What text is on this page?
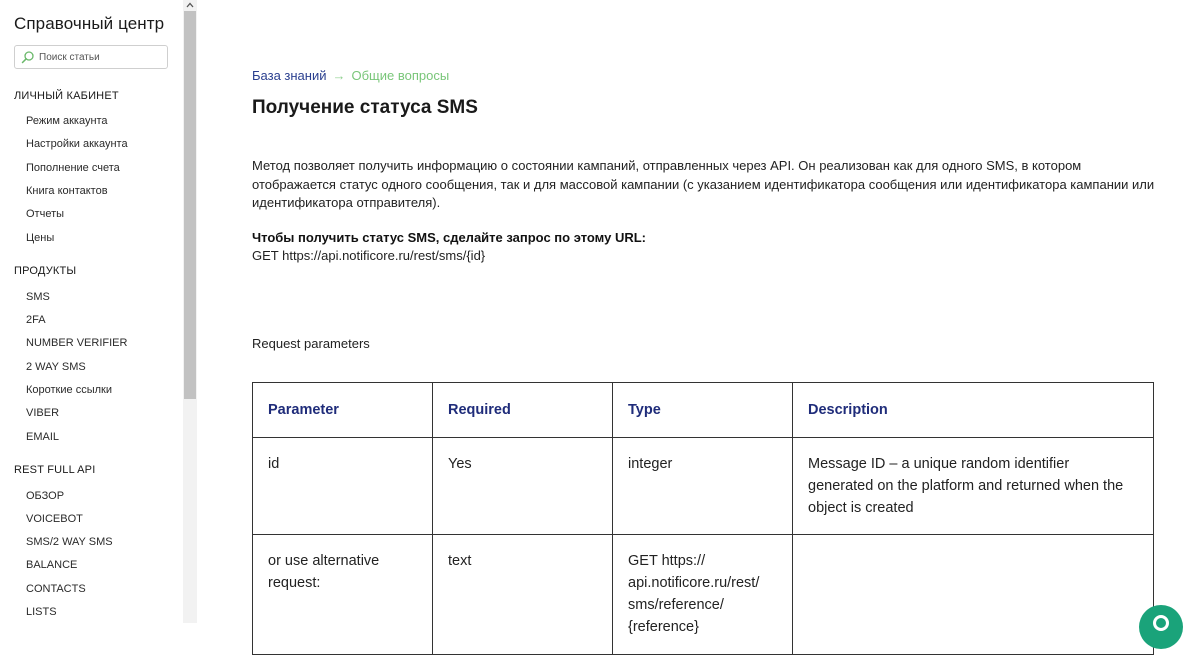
Справочный центр
Поиск статьи
ЛИЧНЫЙ КАБИНЕТ
Режим аккаунта
Настройки аккаунта
Пополнение счета
Книга контактов
Отчеты
Цены
ПРОДУКТЫ
SMS
2FA
NUMBER VERIFIER
2 WAY SMS
Короткие ссылки
VIBER
EMAIL
REST FULL API
ОБЗОР
VOICEBOT
SMS/2 WAY SMS
BALANCE
CONTACTS
LISTS
База знаний → Общие вопросы
Получение статуса SMS

Метод позволяет получить информацию о состоянии кампаний, отправленных через API. Он реализован как для одного SMS, в котором отображается статус одного сообщения, так и для массовой кампании (с указанием идентификатора сообщения или идентификатора кампании или идентификатора отправителя).

Чтобы получить статус SMS, сделайте запрос по этому URL:
GET https://api.notificore.ru/rest/sms/{id}
Request parameters
Parameter	Required	Type	Description
id	Yes	integer	Message ID – a unique random identifier generated on the platform and returned when the object is created
or use alternative request:	text	GET https:// api.notificore.ru/rest/ sms/reference/ {reference}	
